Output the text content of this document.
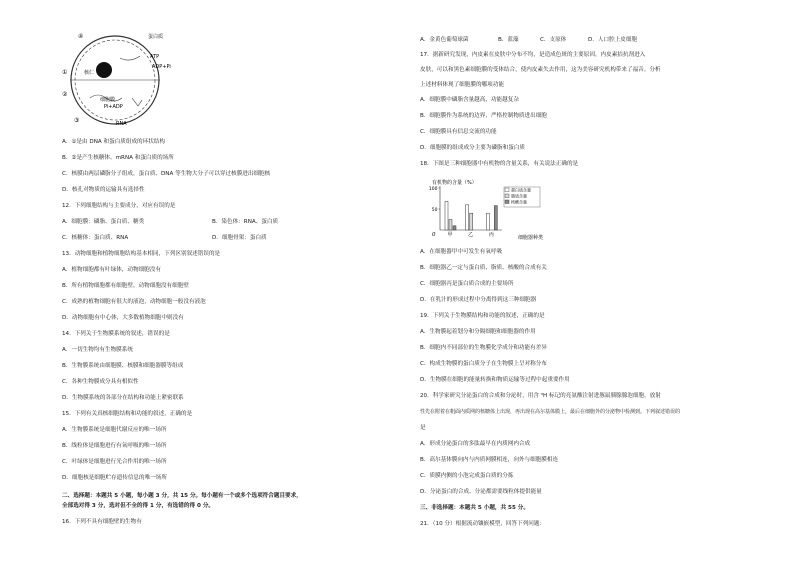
蛋白质
ATP
ADP+Pi
Pi+ADP
细胞膜
RNA
核仁
①
②
③
④
A．①是由 DNA 和蛋白质组成的环状结构
B．②是产生核糖体、mRNA 和蛋白质的场所
C．核膜由两层磷脂分子组成，蛋白质、DNA 等生物大分子可以穿过核膜进出细胞核
D．核孔对物质的运输具有选择性
12．下列细胞结构与主要成分，对应有误的是
A．细胞膜：磷脂、蛋白质、糖类	B．染色体：RNA、蛋白质
C．核糖体：蛋白质、RNA	D．细胞骨架：蛋白质
13．动物细胞和植物细胞结构基本相同，下列区别叙述错误的是
A．植物细胞都有叶绿体，动物细胞没有
B．所有植物细胞都有细胞壁，动物细胞没有细胞壁
C．成熟的植物细胞有很大的液泡，动物细胞一般没有液泡
D．动物细胞有中心体，大多数植物细胞中则没有
14．下列关于生物膜系统的叙述，错误的是
A．一切生物均有生物膜系统
B．生物膜系统由细胞膜、核膜和细胞器膜等组成
C．各种生物膜成分具有相似性
D．生物膜系统的各部分在结构和功能上紧密联系
15．下列有关真核细胞结构和功能的叙述，正确的是
A．生物膜系统是细胞代谢反应的唯一场所
B．线粒体是细胞进行有氧呼吸的唯一场所
C．叶绿体是细胞进行光合作用的唯一场所
D．细胞核是细胞贮存遗传信息的唯一场所
二、选择题：本题共 5 小题，每小题 3 分，共 15 分。每小题有一个或多个选项符合题目要求，
全部选对得 3 分，选对但不全的得 1 分，有选错的得 0 分。
16．下列不具有细胞壁的生物有
A．金黄色葡萄球菌	B．蓝藻	C．支原体	D．人口腔上皮细胞
17．据新研究发现，内皮素在皮肤中分布不均，是造成色斑的主要原因。内皮素拮抗剂进入
皮肤，可以和黑色素细胞膜的受体结合，使内皮素失去作用，这为美容研究机构带来了福音。分析
上述材料体现了细胞膜的哪项功能
A．细胞膜中磷脂含量越高，功能越复杂
B．细胞膜作为系统的边界，严格控制物质进出细胞
C．细胞膜具有信息交流的功能
D．细胞膜的组成成分主要为磷脂和蛋白质
18．下图是三种细胞器中有机物的含量关系，有关说法正确的是
有机物的含量（%）
50
100
甲	乙	丙
蛋白质含量
脂质含量
核酸含量
0	细胞器种类
A．在细胞器甲中可发生有氧呼吸
B．细胞器乙一定与蛋白质、脂质、核酸的合成有关
C．细胞器丙是蛋白质合成的主要场所
D．在乳汁的形成过程中分离得到这三种细胞器
19．下列关于生物膜结构和功能的叙述，正确的是
A．生物膜起着划分和分隔细胞和细胞器的作用
B．细胞内不同部位的生物膜化学成分和功能有差异
C．构成生物膜的蛋白质分子在生物膜上呈对称分布
D．生物膜在细胞的能量转换和物质运输等过程中起重要作用
20．科学家研究分泌蛋白的合成和分泌时，用含 ³H 标记的亮氨酸注射进豚鼠胰腺腺泡细胞，放射
性先在附着在粗面内质网的核糖体上出现，再出现在高尔基体膜上，最后在细胞外的分泌物中检测到。下列叙述错误的
是
A．形成分泌蛋白的多肽最早在内质网内合成
B．高尔基体膜向内与内质网膜相连，向外与细胞膜相连
C．质膜内侧的小泡完成蛋白质的分拣
D．分泌蛋白的合成、分泌都需要线粒体提供能量
三、非选择题：本题共 5 小题，共 55 分。
21．（10 分）根据流动镶嵌模型，回答下列问题：
